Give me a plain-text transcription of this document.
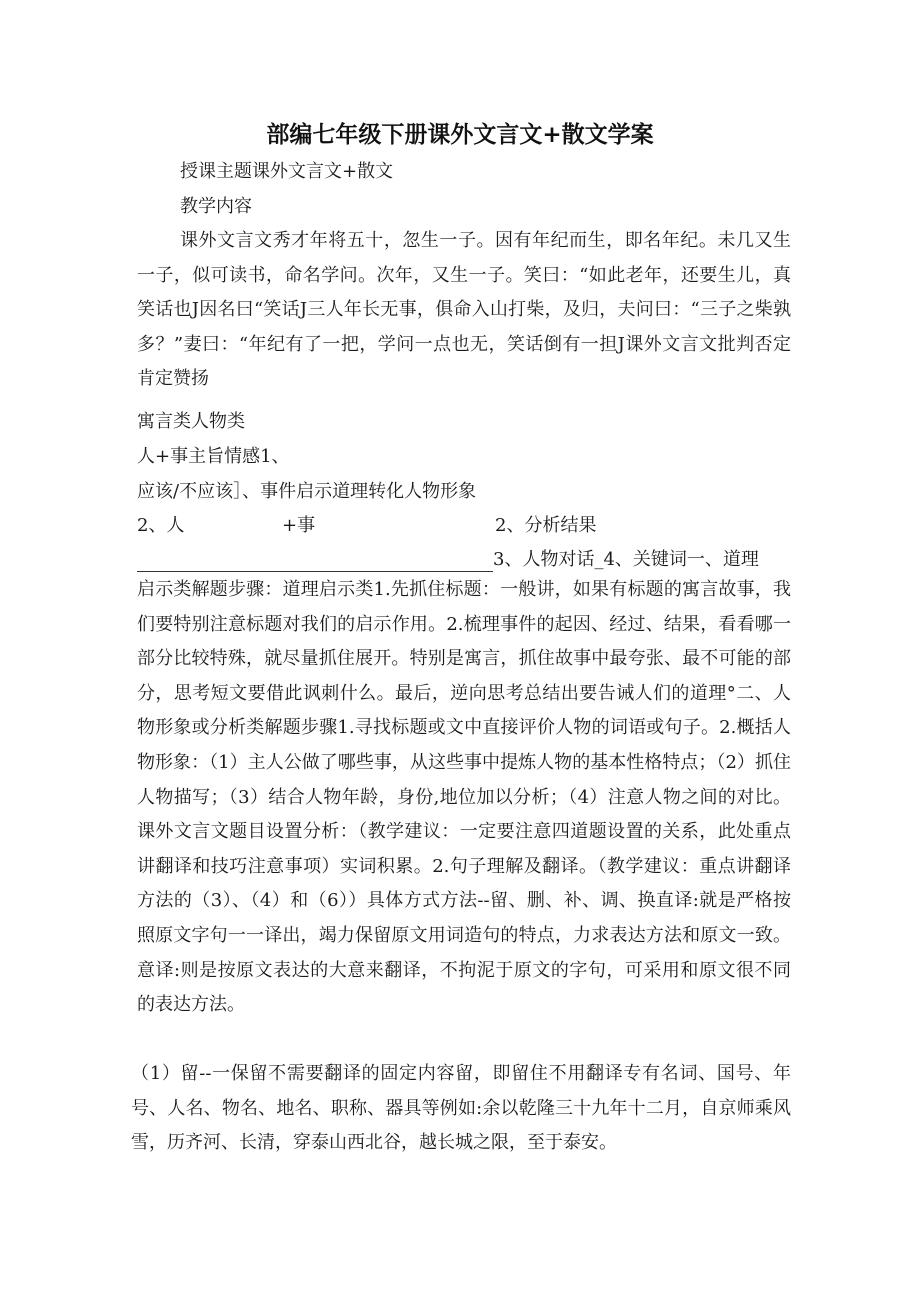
部编七年级下册课外文言文+散文学案
授课主题课外文言文+散文
教学内容
课外文言文秀才年将五十，忽生一子。因有年纪而生，即名年纪。未几又生一子，似可读书，命名学问。次年，又生一子。笑曰：“如此老年，还要生儿，真笑话也J因名曰“笑话J三人年长无事，俱命入山打柴，及归，夫问曰：“三子之柴孰多？”妻曰：“年纪有了一把，学问一点也无，笑话倒有一担J课外文言文批判否定肯定赞扬
寓言类人物类
人+事主旨情感1、
应该/不应该］、事件启示道理转化人物形象
2、人	+事	2、分析结果
3、人物对话_4、关键词一、道理
启示类解题步骤：道理启示类1.先抓住标题：一般讲，如果有标题的寓言故事，我们要特别注意标题对我们的启示作用。2.梳理事件的起因、经过、结果，看看哪一部分比较特殊，就尽量抓住展开。特别是寓言，抓住故事中最夸张、最不可能的部分，思考短文要借此讽刺什么。最后，逆向思考总结出要告诫人们的道理°二、人物形象或分析类解题步骤1.寻找标题或文中直接评价人物的词语或句子。2.概括人物形象：（1）主人公做了哪些事，从这些事中提炼人物的基本性格特点；（2）抓住人物描写；（3）结合人物年龄，身份,地位加以分析；（4）注意人物之间的对比。课外文言文题目设置分析：（教学建议：一定要注意四道题设置的关系，此处重点讲翻译和技巧注意事项）实词积累。2.句子理解及翻译。（教学建议：重点讲翻译方法的（3）、（4）和（6））具体方式方法--留、删、补、调、换直译:就是严格按照原文字句一一译出，竭力保留原文用词造句的特点，力求表达方法和原文一致。意译:则是按原文表达的大意来翻译，不拘泥于原文的字句，可采用和原文很不同的表达方法。
（1）留--一保留不需要翻译的固定内容留，即留住不用翻译专有名词、国号、年号、人名、物名、地名、职称、器具等例如:余以乾隆三十九年十二月，自京师乘风雪，历齐河、长清，穿泰山西北谷，越长城之限，至于泰安。
